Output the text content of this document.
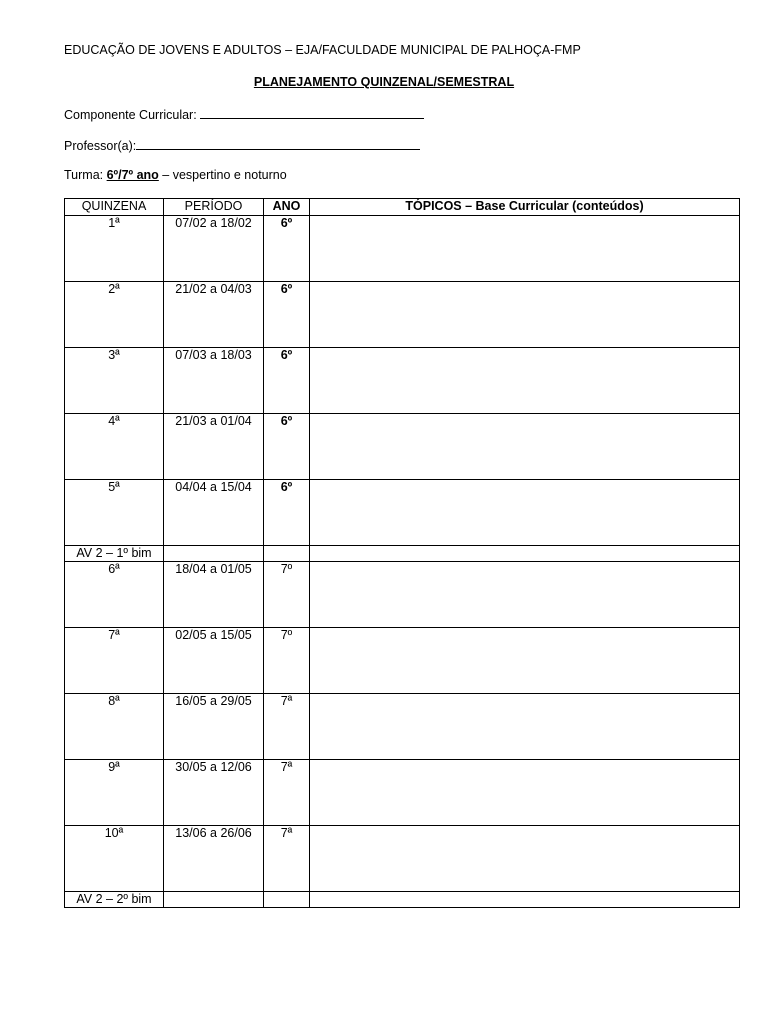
EDUCAÇÃO DE JOVENS E ADULTOS – EJA/FACULDADE MUNICIPAL DE PALHOÇA-FMP
PLANEJAMENTO QUINZENAL/SEMESTRAL
Componente Curricular:
Professor(a):
Turma: 6º/7º ano – vespertino e noturno
QUINZENA	PERÍODO	ANO	TÓPICOS – Base Curricular (conteúdos)
1ª	07/02 a 18/02	6º	
2ª	21/02 a 04/03	6º	
3ª	07/03 a 18/03	6º	
4ª	21/03 a 01/04	6º	
5ª	04/04 a 15/04	6º	
AV 2 – 1º bim			
6ª	18/04 a 01/05	7º	
7ª	02/05 a 15/05	7º	
8ª	16/05 a 29/05	7ª	
9ª	30/05 a 12/06	7ª	
10ª	13/06 a 26/06	7ª	
AV 2 – 2º bim			
